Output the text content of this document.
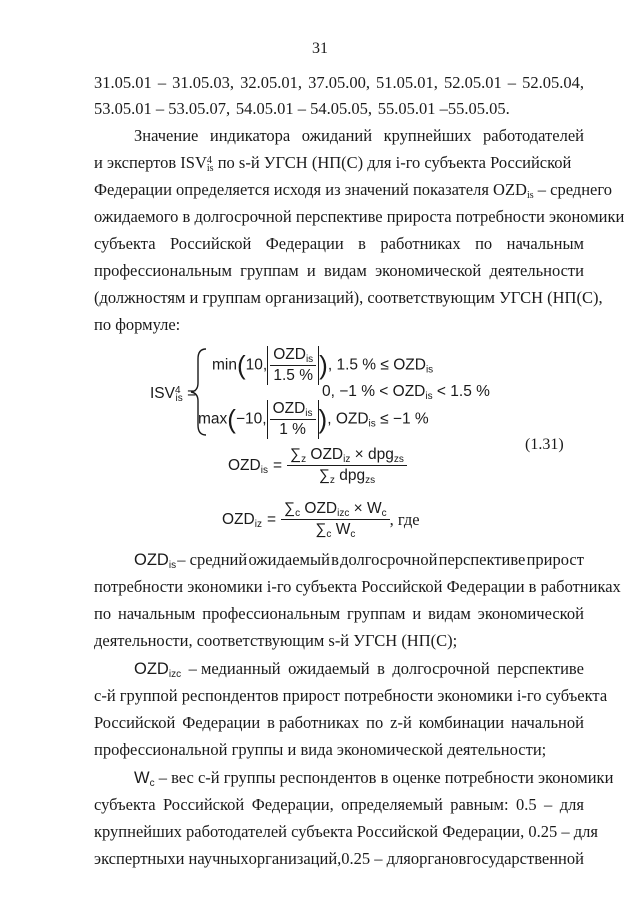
31
31.05.01 – 31.05.03, 32.05.01, 37.05.00, 51.05.01, 52.05.01 – 52.05.04,
53.05.01 – 53.05.07, 54.05.01 – 54.05.05, 55.05.01 –55.05.05.
Значение индикатора ожиданий крупнейших работодателей
и экспертов $ISV^4_{is}$ по s-й УГСН (НП(С) для i-го субъекта Российской
Федерации определяется исходя из значений показателя $OZD_{is}$ – среднего
ожидаемого в долгосрочной перспективе прироста потребности экономики
субъекта Российской Федерации в работниках по начальным
профессиональным группам и видам экономической деятельности
(должностям и группам организаций), соответствующим УГСН (НП(С),
по формуле:
$ISV^4_{is}$ =
min(10, $\frac{OZD_{is}}{1.5 \%}$ ), 1.5 % ≤ $OZD_{is}$
0, −1 % < $OZD_{is} < 1.5$ %
max(−10, $\frac{OZD_{is}}{1 \%}$ ), $OZD_{is} \le -1$ %
(1.31)
$OZD_{is} = \frac{\sum_z OZD_{iz} \times dpg_{zs}}{\sum_z dpg_{zs}}$
$OZD_{iz} = \frac{\sum_c OZD_{izc} \times W_c}{\sum_c W_c}$ , где
$OZD_{is}$ – средний ожидаемый в долгосрочной перспективе прирост
потребности экономики i-го субъекта Российской Федерации в работниках
по начальным профессиональным группам и видам экономической
деятельности, соответствующим s-й УГСН (НП(С);
$OZD_{izc}$ – медианный ожидаемый в долгосрочной перспективе
с-й группой респондентов прирост потребности экономики i-го субъекта
Российской Федерации в работниках по z-й комбинации начальной
профессиональной группы и вида экономической деятельности;
$W_c$ – вес с-й группы респондентов в оценке потребности экономики
субъекта Российской Федерации, определяемый равным: 0.5 – для
крупнейших работодателей субъекта Российской Федерации, 0.25 – для
экспертных и научных организаций, 0.25 – для органов государственной
